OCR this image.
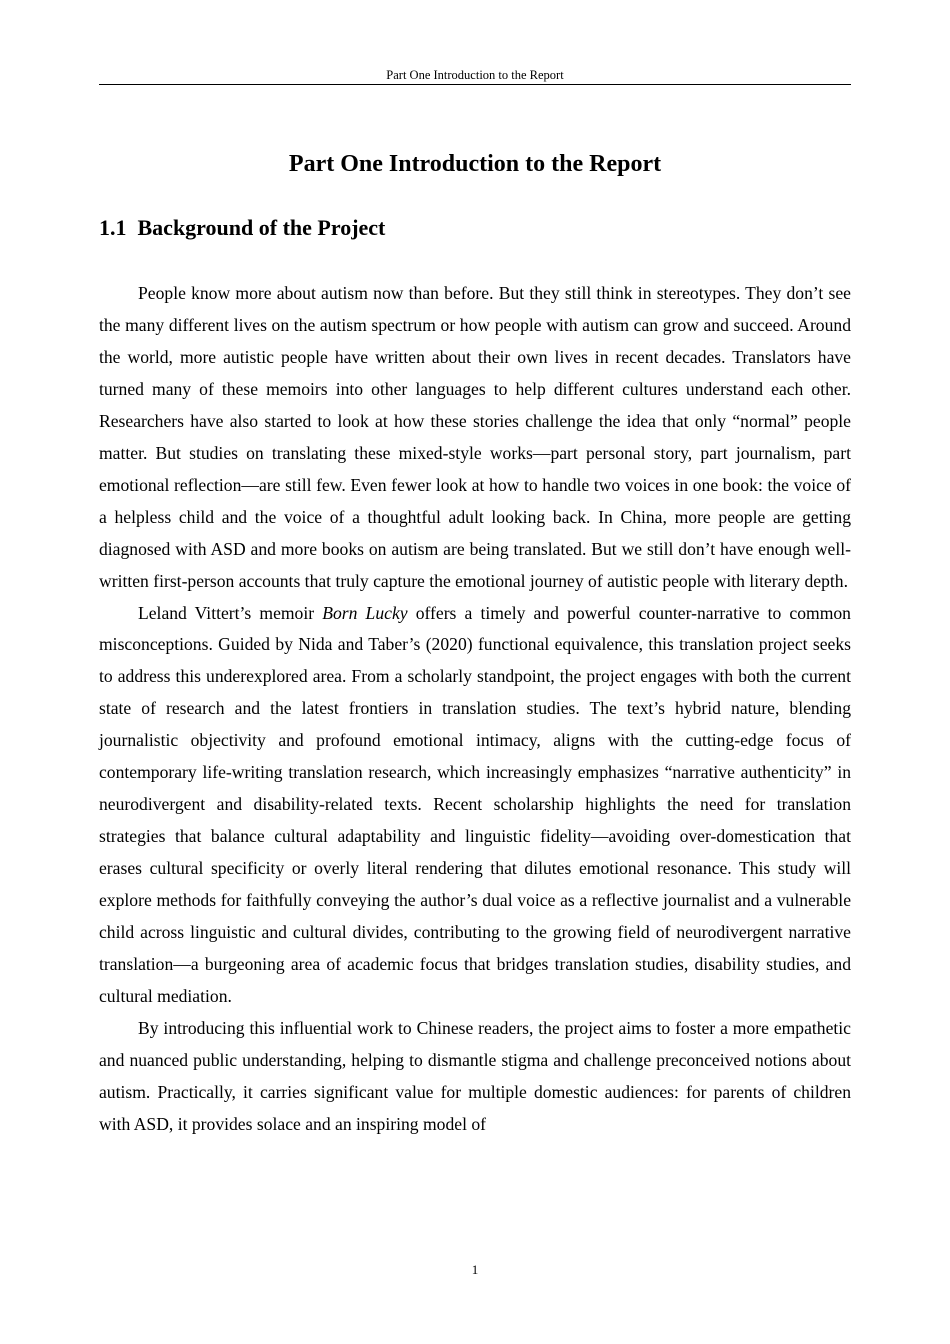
Part One Introduction to the Report
Part One Introduction to the Report
1.1  Background of the Project

People know more about autism now than before. But they still think in stereotypes. They don’t see the many different lives on the autism spectrum or how people with autism can grow and succeed. Around the world, more autistic people have written about their own lives in recent decades. Translators have turned many of these memoirs into other languages to help different cultures understand each other. Researchers have also started to look at how these stories challenge the idea that only “normal” people matter. But studies on translating these mixed-style works—part personal story, part journalism, part emotional reflection—are still few. Even fewer look at how to handle two voices in one book: the voice of a helpless child and the voice of a thoughtful adult looking back. In China, more people are getting diagnosed with ASD and more books on autism are being translated. But we still don’t have enough well-written first-person accounts that truly capture the emotional journey of autistic people with literary depth.

Leland Vittert’s memoir Born Lucky offers a timely and powerful counter-narrative to common misconceptions. Guided by Nida and Taber’s (2020) functional equivalence, this translation project seeks to address this underexplored area. From a scholarly standpoint, the project engages with both the current state of research and the latest frontiers in translation studies. The text’s hybrid nature, blending journalistic objectivity and profound emotional intimacy, aligns with the cutting-edge focus of contemporary life-writing translation research, which increasingly emphasizes “narrative authenticity” in neurodivergent and disability-related texts. Recent scholarship highlights the need for translation strategies that balance cultural adaptability and linguistic fidelity—avoiding over-domestication that erases cultural specificity or overly literal rendering that dilutes emotional resonance. This study will explore methods for faithfully conveying the author’s dual voice as a reflective journalist and a vulnerable child across linguistic and cultural divides, contributing to the growing field of neurodivergent narrative translation—a burgeoning area of academic focus that bridges translation studies, disability studies, and cultural mediation.

By introducing this influential work to Chinese readers, the project aims to foster a more empathetic and nuanced public understanding, helping to dismantle stigma and challenge preconceived notions about autism. Practically, it carries significant value for multiple domestic audiences: for parents of children with ASD, it provides solace and an inspiring model of

1
